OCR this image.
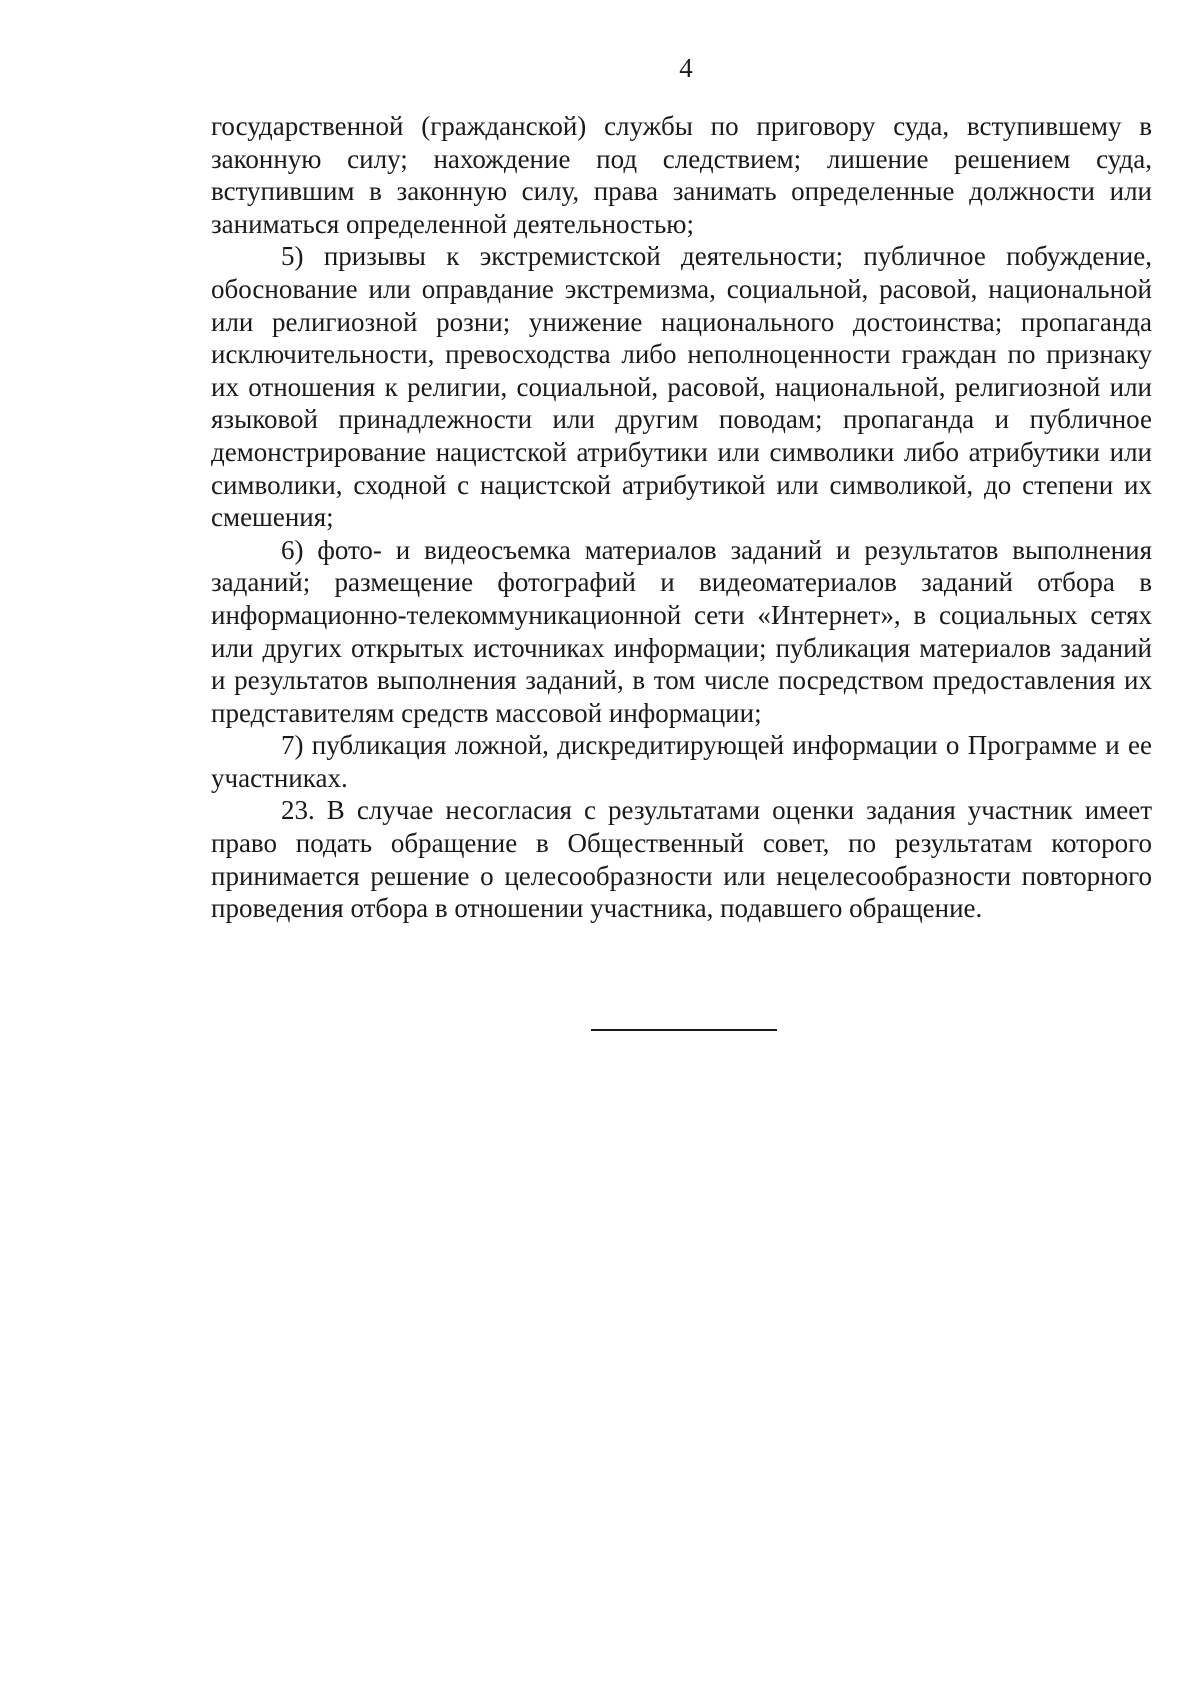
4

государственной (гражданской) службы по приговору суда, вступившему в законную силу; нахождение под следствием; лишение решением суда, вступившим в законную силу, права занимать определенные должности или заниматься определенной деятельностью;

5) призывы к экстремистской деятельности; публичное побуждение, обоснование или оправдание экстремизма, социальной, расовой, национальной или религиозной розни; унижение национального достоинства; пропаганда исключительности, превосходства либо неполноценности граждан по признаку их отношения к религии, социальной, расовой, национальной, религиозной или языковой принадлежности или другим поводам; пропаганда и публичное демонстрирование нацистской атрибутики или символики либо атрибутики или символики, сходной с нацистской атрибутикой или символикой, до степени их смешения;

6) фото- и видеосъемка материалов заданий и результатов выполнения заданий; размещение фотографий и видеоматериалов заданий отбора в информационно-телекоммуникационной сети «Интернет», в социальных сетях или других открытых источниках информации; публикация материалов заданий и результатов выполнения заданий, в том числе посредством предоставления их представителям средств массовой информации;

7) публикация ложной, дискредитирующей информации о Программе и ее участниках.

23. В случае несогласия с результатами оценки задания участник имеет право подать обращение в Общественный совет, по результатам которого принимается решение о целесообразности или нецелесообразности повторного проведения отбора в отношении участника, подавшего обращение.
